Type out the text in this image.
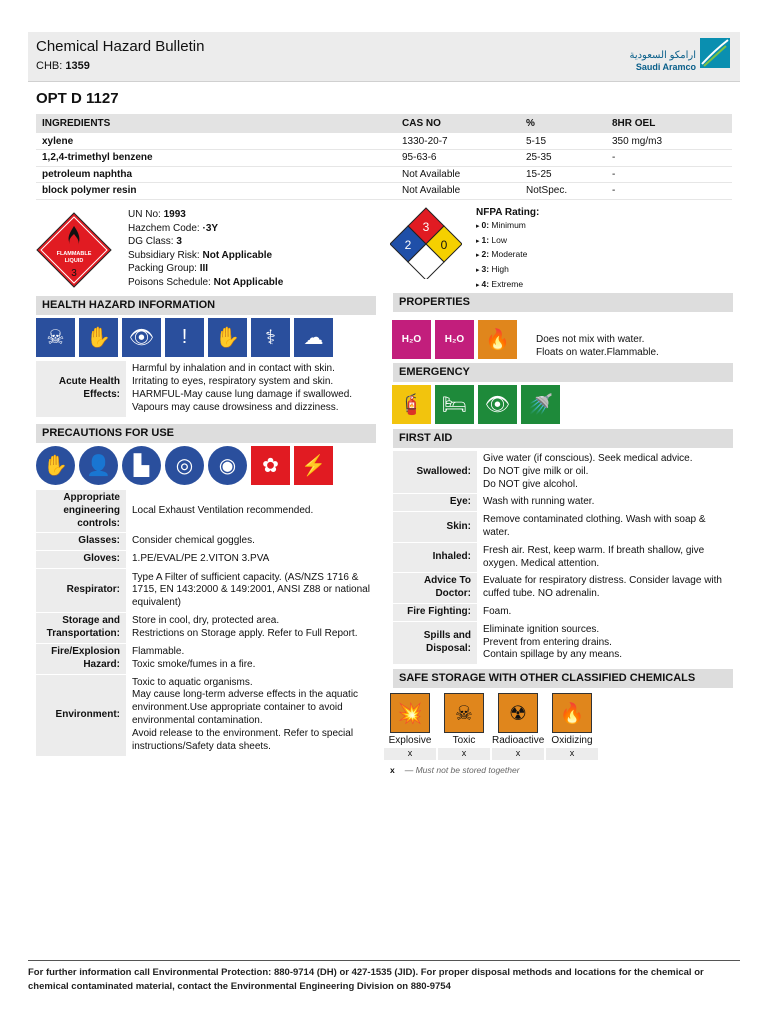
Chemical Hazard Bulletin
CHB: 1359
ارامكو السعودية
Saudi Aramco
OPT D 1127
INGREDIENTS	CAS NO	%	8HR OEL
xylene	1330-20-7	5-15	350 mg/m3
1,2,4-trimethyl benzene	95-63-6	25-35	-
petroleum naphtha	Not Available	15-25	-
block polymer resin	Not Available	NotSpec.	-
FLAMMABLE
LIQUID
3
UN No: 1993
Hazchem Code: ·3Y
DG Class: 3
Subsidiary Risk: Not Applicable
Packing Group: III
Poisons Schedule: Not Applicable
3
2 0
NFPA Rating:
▸ 0: Minimum
▸ 1: Low
▸ 2: Moderate
▸ 3: High
▸ 4: Extreme
HEALTH HAZARD INFORMATION
☠	✋ 👁	!	✋	⚕	☁
Acute Health Effects:	Harmful by inhalation and in contact with skin.
Irritating to eyes, respiratory system and skin.
HARMFUL-May cause lung damage if swallowed.
Vapours may cause drowsiness and dizziness.
PRECAUTIONS FOR USE
✋ 👤	▙	◎	◉	✿	⚡
Appropriate engineering controls:	Local Exhaust Ventilation recommended.
Glasses:	Consider chemical goggles.
Gloves:	1.PE/EVAL/PE 2.VITON 3.PVA
Respirator:	Type A Filter of sufficient capacity. (AS/NZS 1716 & 1715, EN 143:2000 & 149:2001, ANSI Z88 or national equivalent)
Storage and Transportation:	Store in cool, dry, protected area.
Restrictions on Storage apply. Refer to Full Report.
Fire/Explosion Hazard:	Flammable.
Toxic smoke/fumes in a fire.
Environment:	Toxic to aquatic organisms.
May cause long-term adverse effects in the aquatic environment.Use appropriate container to avoid environmental contamination.
Avoid release to the environment. Refer to special instructions/Safety data sheets.
PROPERTIES
H₂O	H₂O	🔥	Does not mix with water.
Floats on water.Flammable.
EMERGENCY
🧯 🛏 👁 🚿
FIRST AID
Swallowed:	Give water (if conscious). Seek medical advice.
Do NOT give milk or oil.
Do NOT give alcohol.
Eye:	Wash with running water.
Skin:	Remove contaminated clothing. Wash with soap & water.
Inhaled:	Fresh air. Rest, keep warm. If breath shallow, give oxygen. Medical attention.
Advice To Doctor:	Evaluate for respiratory distress. Consider lavage with cuffed tube. NO adrenalin.
Fire Fighting:	Foam.
Spills and Disposal:	Eliminate ignition sources.
Prevent from entering drains.
Contain spillage by any means.
SAFE STORAGE WITH OTHER CLASSIFIED CHEMICALS
💥
Explosive
x
☠
Toxic
x
☢
Radioactive
x
🔥
Oxidizing
x
x — Must not be stored together
For further information call Environmental Protection: 880-9714 (DH) or 427-1535 (JID). For proper disposal methods and locations for the chemical or chemical contaminated material, contact the Environmental Engineering Division on 880-9754
